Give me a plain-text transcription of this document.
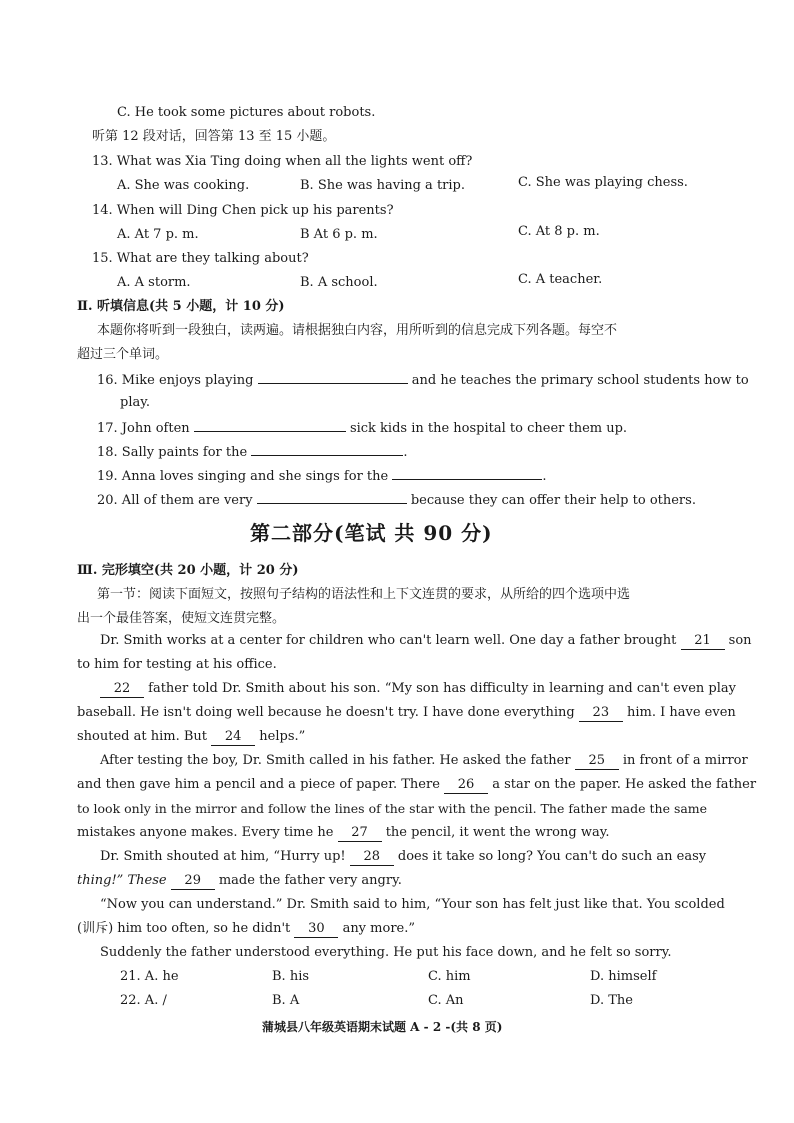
C. He took some pictures about robots.
听第 12 段对话，回答第 13 至 15 小题。
13. What was Xia Ting doing when all the lights went off?
A. She was cooking.	B. She was having a trip.	C. She was playing chess.
14. When will Ding Chen pick up his parents?
A. At 7 p. m.	B At 6 p. m.	C. At 8 p. m.
15. What are they talking about?
A. A storm.	B. A school.	C. A teacher.
Ⅱ. 听填信息(共 5 小题，计 10 分)
本题你将听到一段独白，读两遍。请根据独白内容，用所听到的信息完成下列各题。每空不
超过三个单词。
16. Mike enjoys playing	and he teaches the primary school students how to
play.
17. John often	sick kids in the hospital to cheer them up.
18. Sally paints for the	.
19. Anna loves singing and she sings for the	.
20. All of them are very	because they can offer their help to others.
第二部分(笔试 共 90 分)
Ⅲ. 完形填空(共 20 小题，计 20 分)
第一节：阅读下面短文，按照句子结构的语法性和上下文连贯的要求，从所给的四个选项中选
出一个最佳答案，使短文连贯完整。
Dr. Smith works at a center for children who can't learn well. One day a father brought 21 son
to him for testing at his office.
22 father told Dr. Smith about his son. “My son has difficulty in learning and can't even play
baseball. He isn't doing well because he doesn't try. I have done everything 23 him. I have even
shouted at him. But 24 helps.”
After testing the boy, Dr. Smith called in his father. He asked the father 25 in front of a mirror
and then gave him a pencil and a piece of paper. There 26 a star on the paper. He asked the father
to look only in the mirror and follow the lines of the star with the pencil. The father made the same
mistakes anyone makes. Every time he 27 the pencil, it went the wrong way.
Dr. Smith shouted at him, “Hurry up! 28 does it take so long? You can't do such an easy
thing!” These 29 made the father very angry.
“Now you can understand.” Dr. Smith said to him, “Your son has felt just like that. You scolded
(训斥) him too often, so he didn't 30 any more.”
Suddenly the father understood everything. He put his face down, and he felt so sorry.
21. A. he	B. his	C. him	D. himself
22. A. /	B. A	C. An	D. The
蒲城县八年级英语期末试题 A - 2 -(共 8 页)
